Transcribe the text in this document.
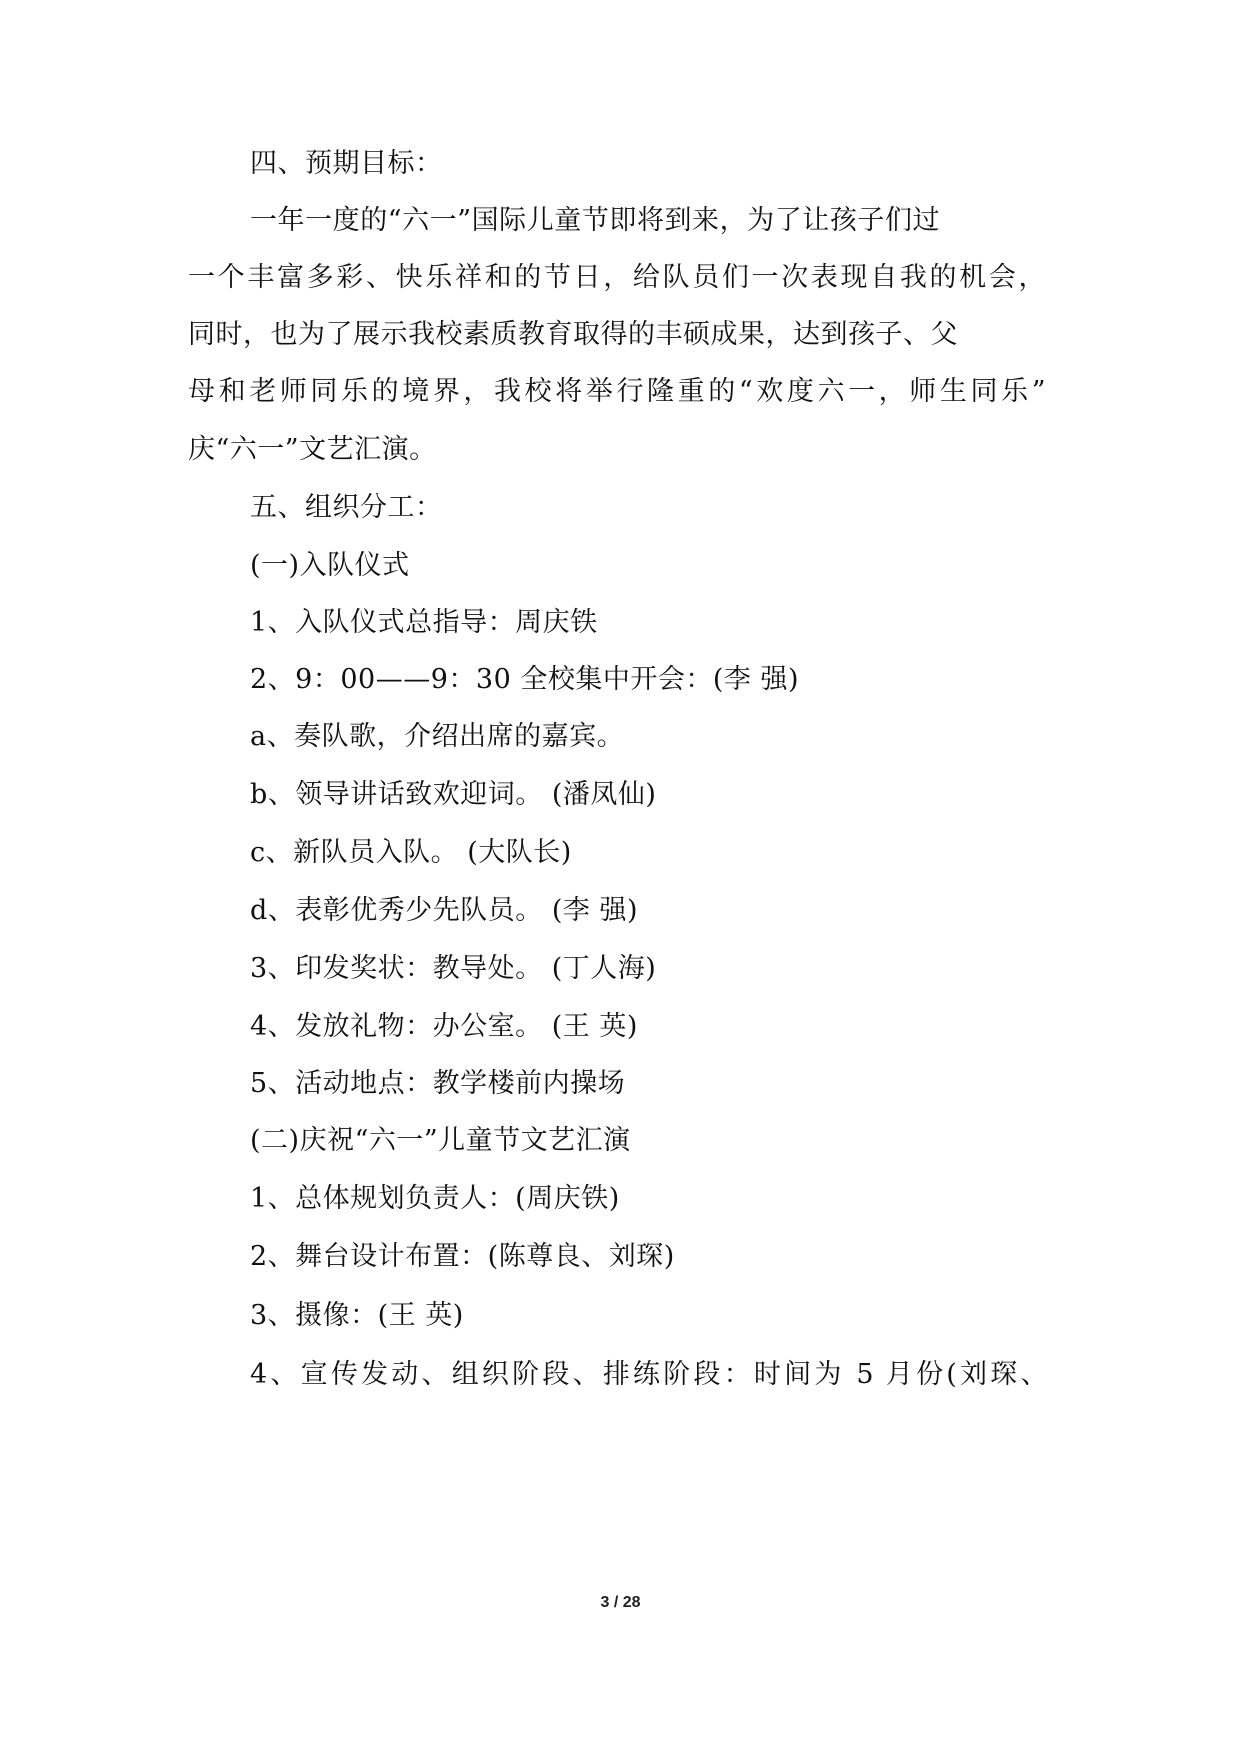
四、预期目标：
一年一度的“六一”国际儿童节即将到来，为了让孩子们过
一个丰富多彩、快乐祥和的节日，给队员们一次表现自我的机会，
同时，也为了展示我校素质教育取得的丰硕成果，达到孩子、父
母和老师同乐的境界，我校将举行隆重的“欢度六一，师生同乐”
庆“六一”文艺汇演。
五、组织分工：
(一)入队仪式
1、入队仪式总指导：周庆铁
2、9：00——9：30 全校集中开会：(李 强)
a、奏队歌，介绍出席的嘉宾。
b、领导讲话致欢迎词。 (潘凤仙)
c、新队员入队。 (大队长)
d、表彰优秀少先队员。 (李 强)
3、印发奖状：教导处。 (丁人海)
4、发放礼物：办公室。 (王 英)
5、活动地点：教学楼前内操场
(二)庆祝“六一”儿童节文艺汇演
1、总体规划负责人：(周庆铁)
2、舞台设计布置：(陈尊良、刘琛)
3、摄像：(王 英)
4、宣传发动、组织阶段、排练阶段：时间为 5 月份(刘琛、
3 / 28
